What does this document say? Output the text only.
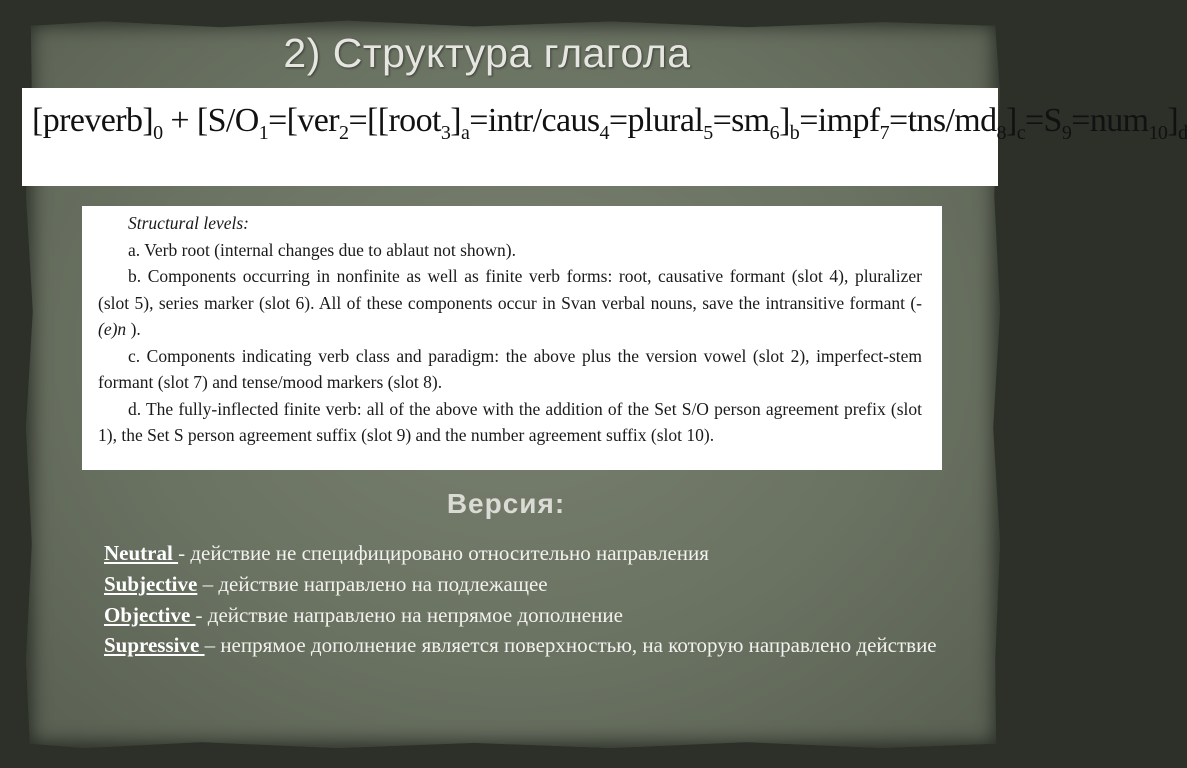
2) Структура глагола
$[preverb]_0$ + $[S/O_1=[ver_2=[[root_3]_a=intr/caus_4=plural_5=sm_6]_b=impf_7=tns/md_8]_c=S_9=num_{10}]_d$

Structural levels:

a. Verb root (internal changes due to ablaut not shown).

b. Components occurring in nonfinite as well as finite verb forms: root, causative formant (slot 4), pluralizer (slot 5), series marker (slot 6). All of these components occur in Svan verbal nouns, save the intransitive formant (-(e)n ).

c. Components indicating verb class and paradigm: the above plus the version vowel (slot 2), imperfect-stem formant (slot 7) and tense/mood markers (slot 8).

d. The fully-inflected finite verb: all of the above with the addition of the Set S/O person agreement prefix (slot 1), the Set S person agreement suffix (slot 9) and the number agreement suffix (slot 10).

Версия:

Neutral - действие не специфицировано относительно направления

Subjective – действие направлено на подлежащее

Objective - действие направлено на непрямое дополнение

Supressive – непрямое дополнение является поверхностью, на которую направлено действие
